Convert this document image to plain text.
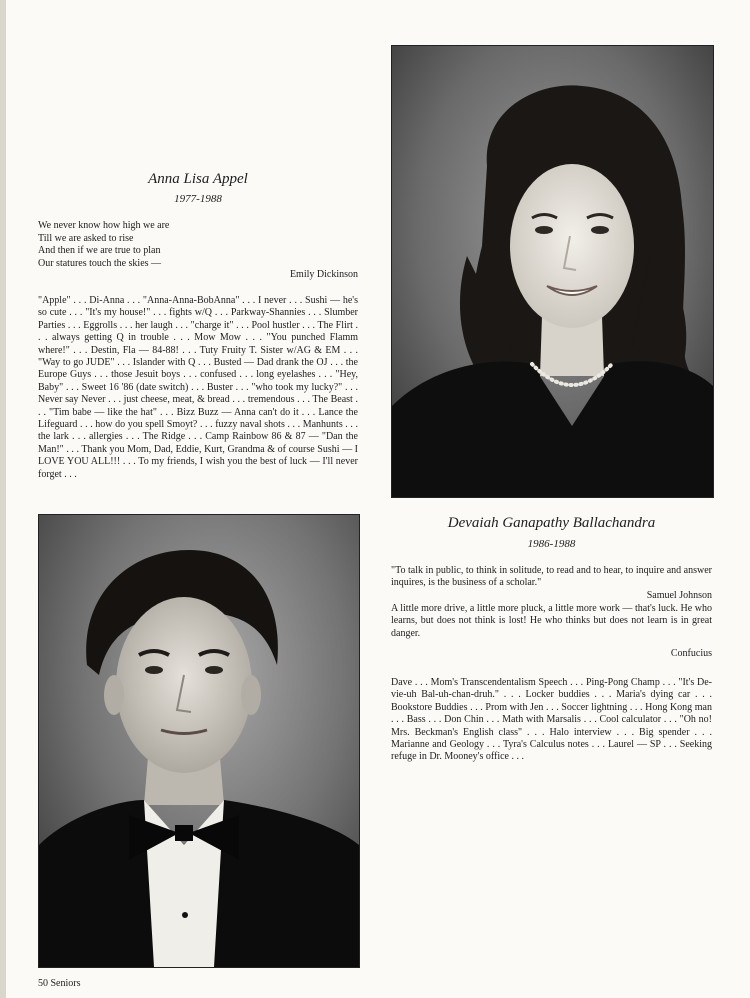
Anna Lisa Appel
1977-1988
We never know how high we are
Till we are asked to rise
And then if we are true to plan
Our statures touch the skies —
Emily Dickinson
"Apple" . . . Di-Anna . . . "Anna-Anna-BobAnna" . . . I never . . . Sushi — he's so cute . . . "It's my house!" . . . fights w/Q . . . Parkway-Shannies . . . Slumber Parties . . . Eggrolls . . . her laugh . . . "charge it" . . . Pool hustler . . . The Flirt . . . always getting Q in trouble . . . Mow Mow . . . "You punched Flamm where!" . . . Destin, Fla — 84-88! . . . Tuty Fruity T. Sister w/AG & EM . . . "Way to go JUDE" . . . Islander with Q . . . Busted — Dad drank the OJ . . . the Europe Guys . . . those Jesuit boys . . . confused . . . long eyelashes . . . "Hey, Baby" . . . Sweet 16 '86 (date switch) . . . Buster . . . "who took my lucky?" . . . Never say Never . . . just cheese, meat, & bread . . . tremendous . . . The Beast . . . "Tim babe — like the hat" . . . Bizz Buzz — Anna can't do it . . . Lance the Lifeguard . . . how do you spell Smoyt? . . . fuzzy naval shots . . . Manhunts . . . the lark . . . allergies . . . The Ridge . . . Camp Rainbow 86 & 87 — "Dan the Man!" . . . Thank you Mom, Dad, Eddie, Kurt, Grandma & of course Sushi — I LOVE YOU ALL!!! . . . To my friends, I wish you the best of luck — I'll never forget . . .
Devaiah Ganapathy Ballachandra
1986-1988
"To talk in public, to think in solitude, to read and to hear, to inquire and answer inquires, is the business of a scholar."
Samuel Johnson
A little more drive, a little more pluck, a little more work — that's luck. He who learns, but does not think is lost! He who thinks but does not learn is in great danger.
Confucius
Dave . . . Mom's Transcendentalism Speech . . . Ping-Pong Champ . . . "It's De-vie-uh Bal-uh-chan-druh." . . . Locker buddies . . . Maria's dying car . . . Bookstore Buddies . . . Prom with Jen . . . Soccer lightning . . . Hong Kong man . . . Bass . . . Don Chin . . . Math with Marsalis . . . Cool calculator . . . "Oh no! Mrs. Beckman's English class" . . . Halo interview . . . Big spender . . . Marianne and Geology . . . Tyra's Calculus notes . . . Laurel — SP . . . Seeking refuge in Dr. Mooney's office . . .
50 Seniors
